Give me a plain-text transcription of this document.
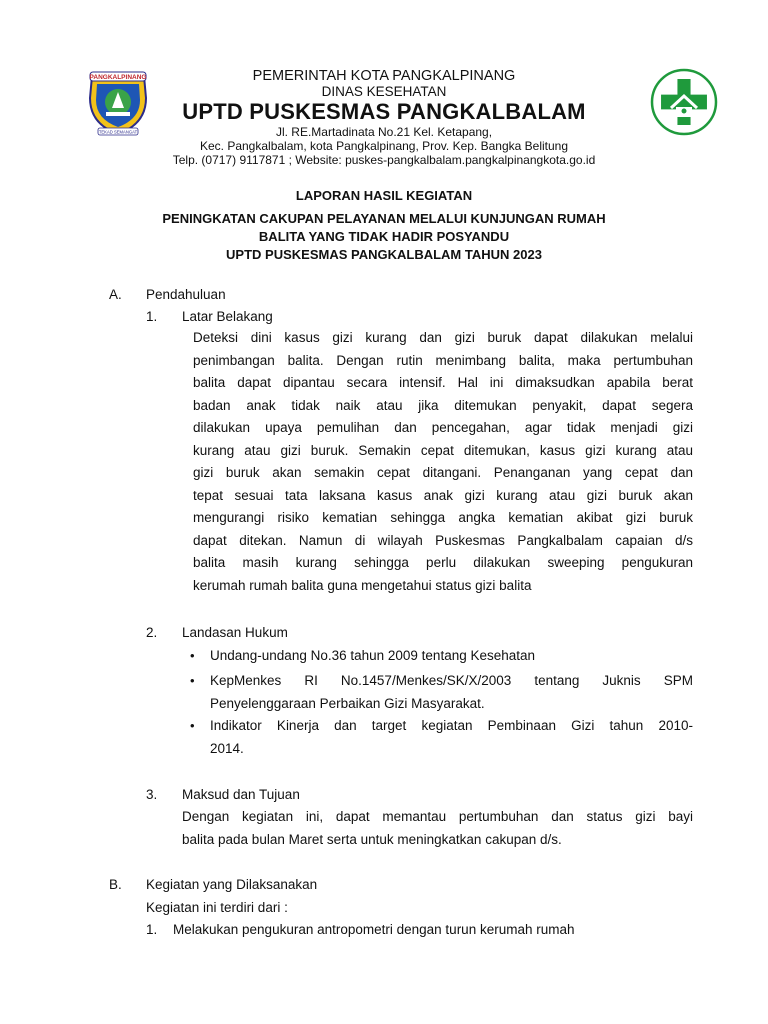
PANGKALPINANG
TEKAD SEMANGAT
PEMERINTAH KOTA PANGKALPINANG
DINAS KESEHATAN
UPTD PUSKESMAS PANGKALBALAM
Jl. RE.Martadinata No.21 Kel. Ketapang,
Kec. Pangkalbalam, kota Pangkalpinang, Prov. Kep. Bangka Belitung
Telp. (0717) 9117871 ; Website: puskes-pangkalbalam.pangkalpinangkota.go.id
LAPORAN HASIL KEGIATAN
PENINGKATAN CAKUPAN PELAYANAN MELALUI KUNJUNGAN RUMAH
BALITA YANG TIDAK HADIR POSYANDU
UPTD PUSKESMAS PANGKALBALAM TAHUN 2023
A. Pendahuluan
1. Latar Belakang
Deteksi dini kasus gizi kurang dan gizi buruk dapat dilakukan melalui
penimbangan balita. Dengan rutin menimbang balita, maka pertumbuhan
balita dapat dipantau secara intensif. Hal ini dimaksudkan apabila berat
badan anak tidak naik atau jika ditemukan penyakit, dapat segera
dilakukan upaya pemulihan dan pencegahan, agar tidak menjadi gizi
kurang atau gizi buruk. Semakin cepat ditemukan, kasus gizi kurang atau
gizi buruk akan semakin cepat ditangani. Penanganan yang cepat dan
tepat sesuai tata laksana kasus anak gizi kurang atau gizi buruk akan
mengurangi risiko kematian sehingga angka kematian akibat gizi buruk
dapat ditekan. Namun di wilayah Puskesmas Pangkalbalam capaian d/s
balita masih kurang sehingga perlu dilakukan sweeping pengukuran
kerumah rumah balita guna mengetahui status gizi balita
2. Landasan Hukum
• Undang-undang No.36 tahun 2009 tentang Kesehatan
• KepMenkes RI No.1457/Menkes/SK/X/2003 tentang Juknis SPM
Penyelenggaraan Perbaikan Gizi Masyarakat.
• Indikator Kinerja dan target kegiatan Pembinaan Gizi tahun 2010-
2014.
3. Maksud dan Tujuan
Dengan kegiatan ini, dapat memantau pertumbuhan dan status gizi bayi
balita pada bulan Maret serta untuk meningkatkan cakupan d/s.
B. Kegiatan yang Dilaksanakan
Kegiatan ini terdiri dari :
1. Melakukan pengukuran antropometri dengan turun kerumah rumah
